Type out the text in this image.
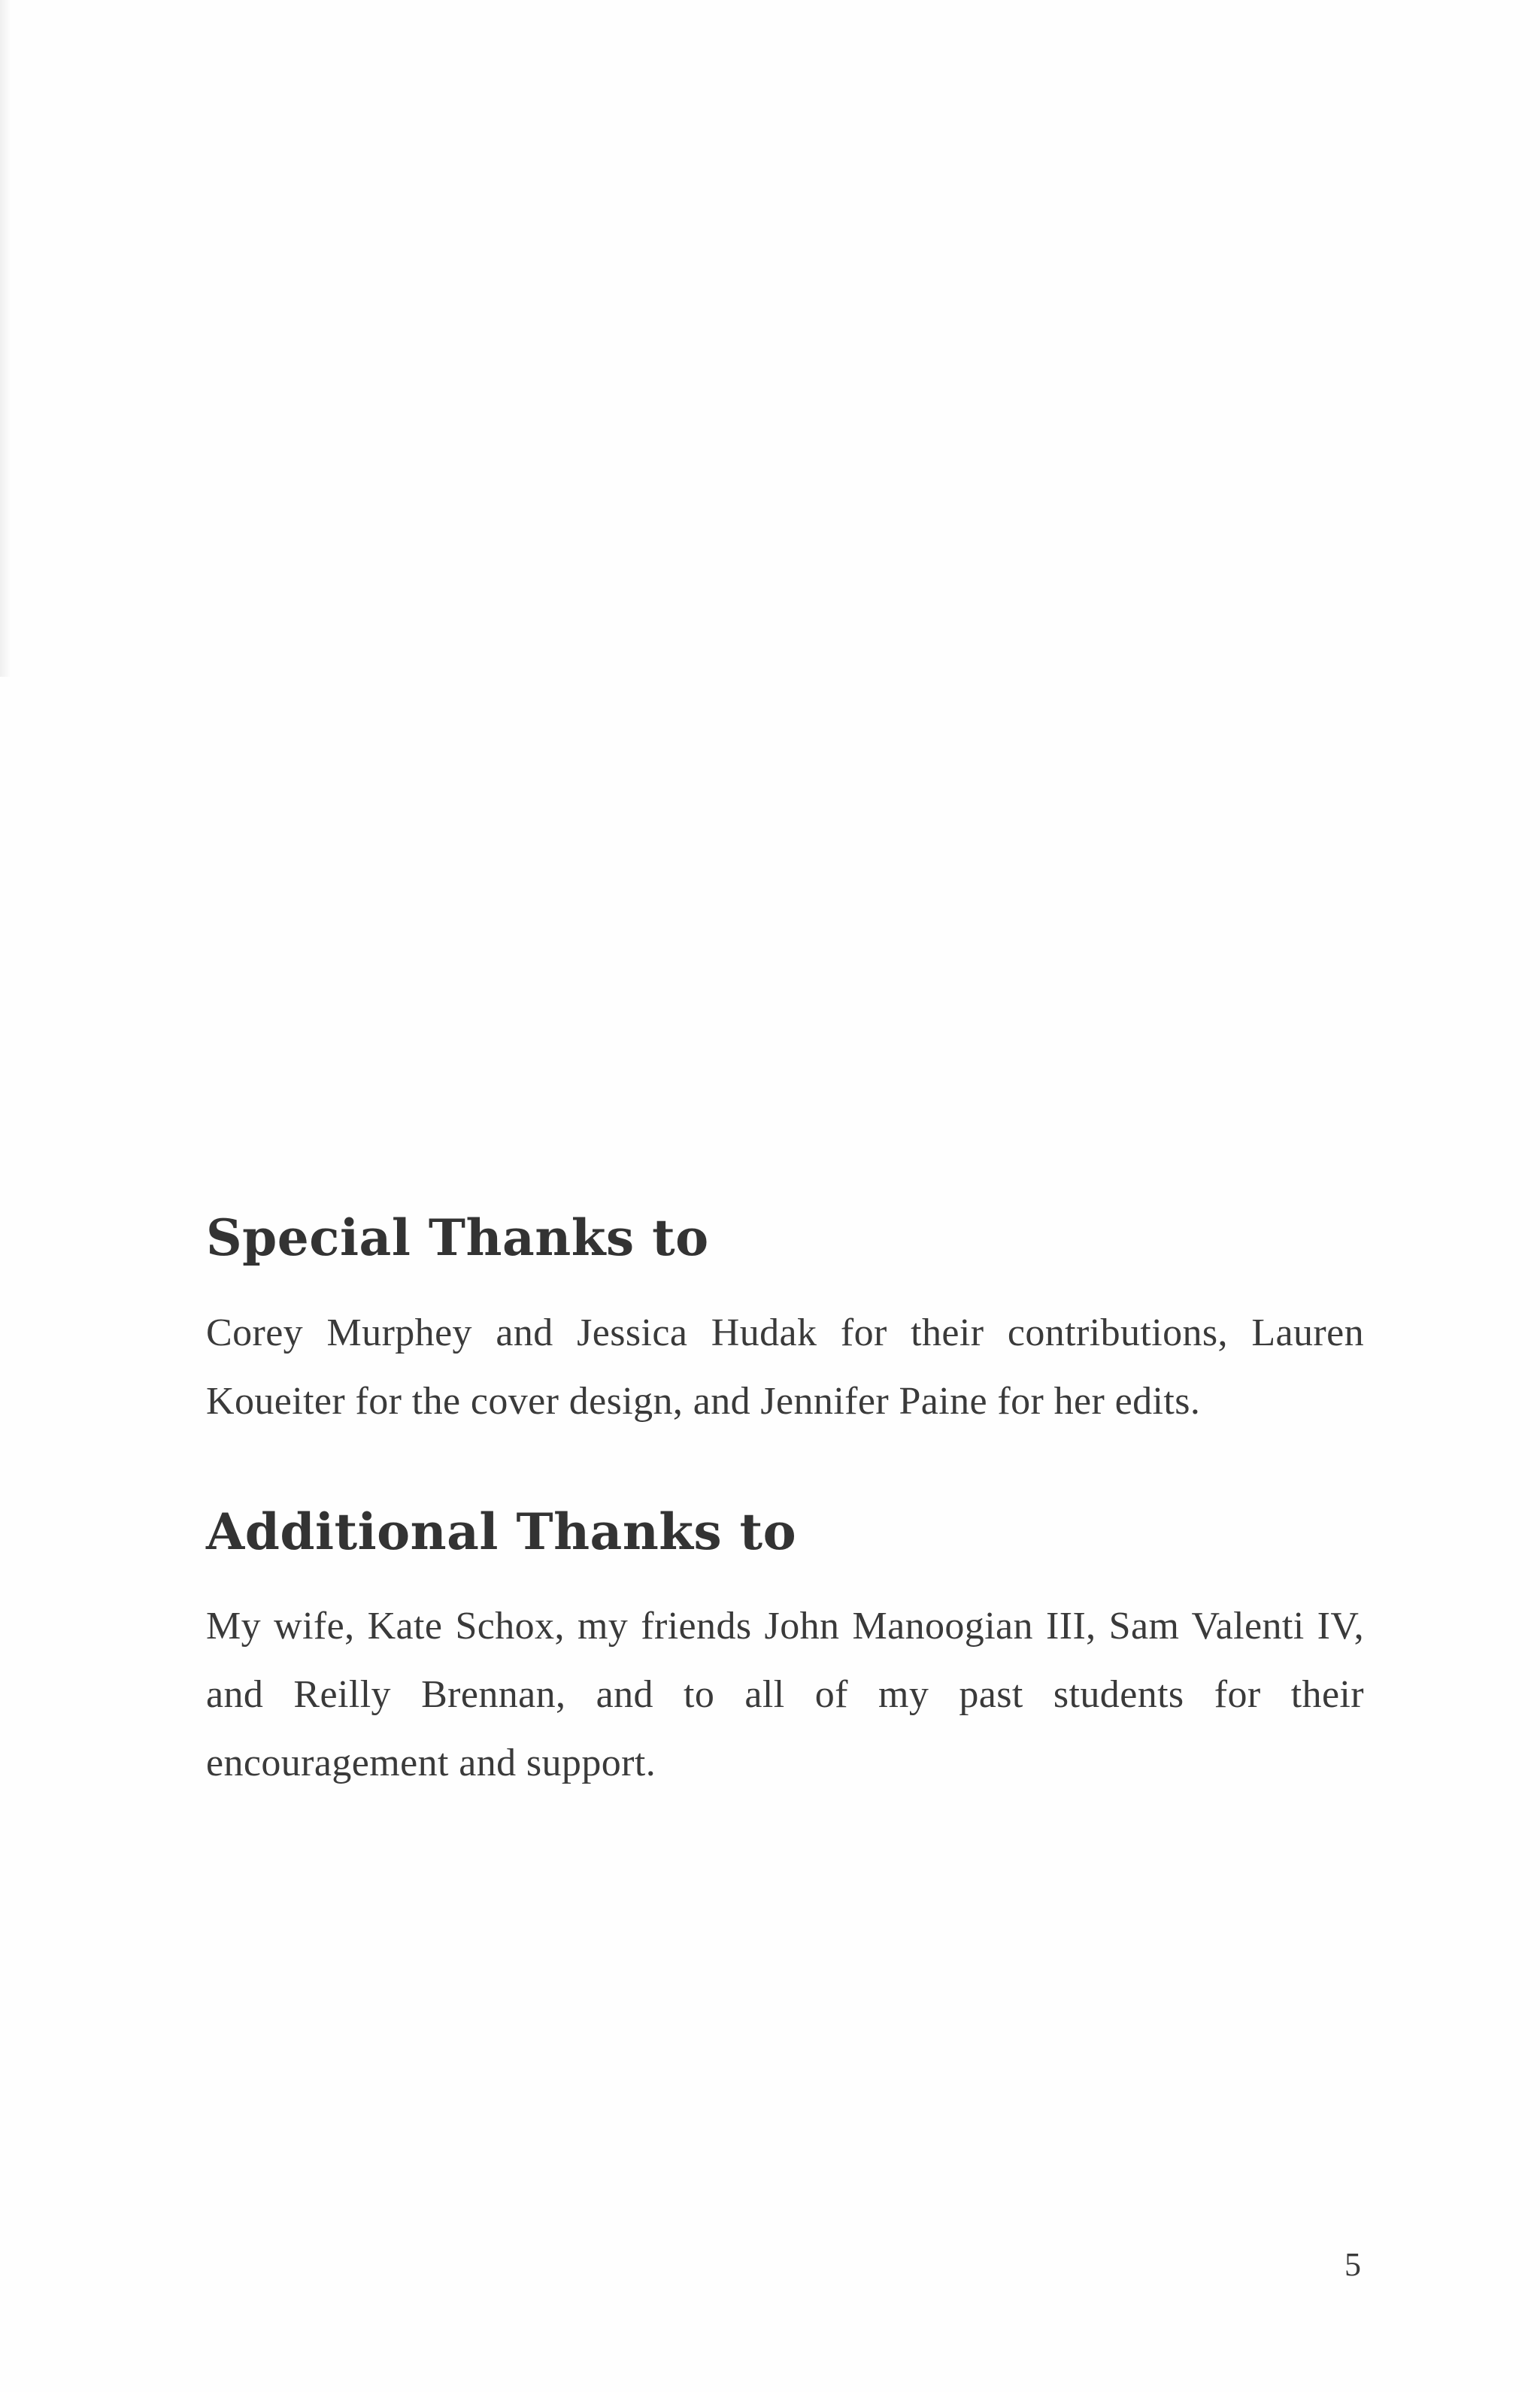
Special Thanks to

Corey Murphey and Jessica Hudak for their contributions, Lauren Koueiter for the cover design, and Jennifer Paine for her edits.

Additional Thanks to

My wife, Kate Schox, my friends John Manoogian III, Sam Valenti IV, and Reilly Brennan, and to all of my past students for their encouragement and support.

5
